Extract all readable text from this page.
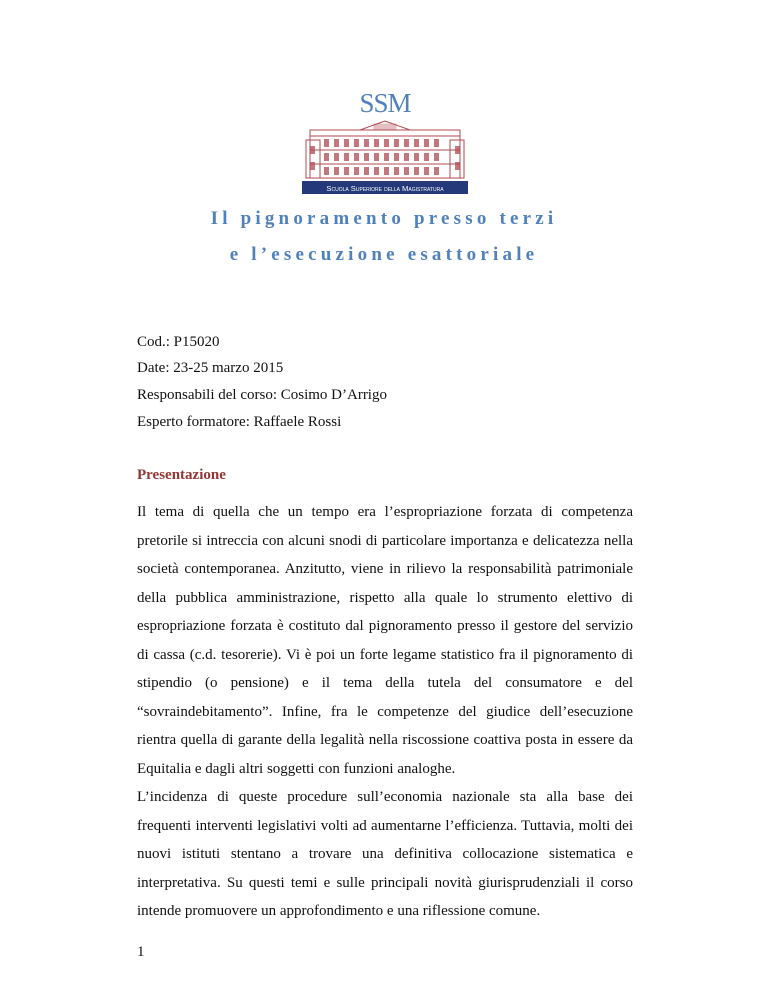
SSM
Scuola Superiore della Magistratura
Il pignoramento presso terzi
e l’esecuzione esattoriale
Cod.: P15020
Date: 23-25 marzo 2015
Responsabili del corso: Cosimo D’Arrigo
Esperto formatore: Raffaele Rossi
Presentazione

Il tema di quella che un tempo era l’espropriazione forzata di competenza pretorile si intreccia con alcuni snodi di particolare importanza e delicatezza nella società contemporanea. Anzitutto, viene in rilievo la responsabilità patrimoniale della pubblica amministrazione, rispetto alla quale lo strumento elettivo di espropriazione forzata è costituto dal pignoramento presso il gestore del servizio di cassa (c.d. tesorerie). Vi è poi un forte legame statistico fra il pignoramento di stipendio (o pensione) e il tema della tutela del consumatore e del “sovraindebitamento”. Infine, fra le competenze del giudice dell’esecuzione rientra quella di garante della legalità nella riscossione coattiva posta in essere da Equitalia e dagli altri soggetti con funzioni analoghe.

L’incidenza di queste procedure sull’economia nazionale sta alla base dei frequenti interventi legislativi volti ad aumentarne l’efficienza. Tuttavia, molti dei nuovi istituti stentano a trovare una definitiva collocazione sistematica e interpretativa. Su questi temi e sulle principali novità giurisprudenziali il corso intende promuovere un approfondimento e una riflessione comune.

1
